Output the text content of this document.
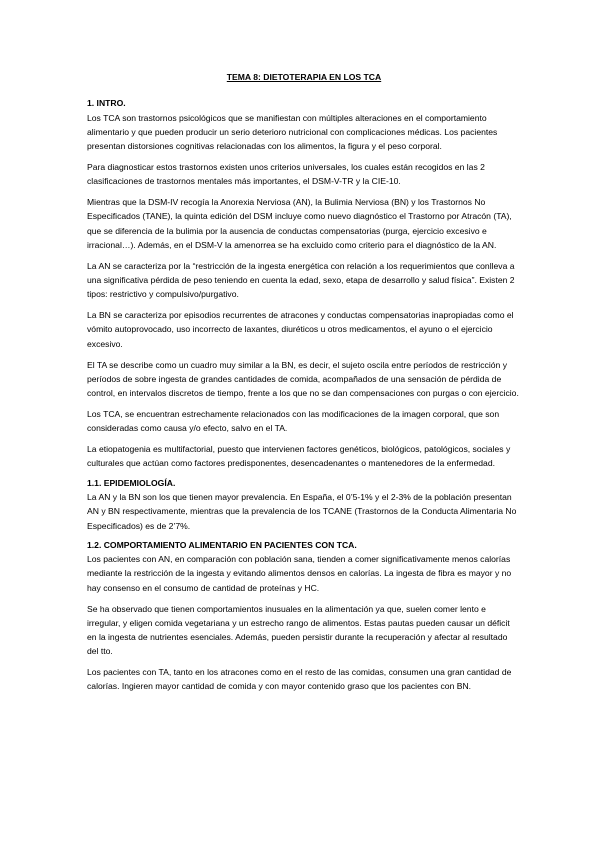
TEMA 8: DIETOTERAPIA EN LOS TCA

1. INTRO.

Los TCA son trastornos psicológicos que se manifiestan con múltiples alteraciones en el comportamiento alimentario y que pueden producir un serio deterioro nutricional con complicaciones médicas. Los pacientes presentan distorsiones cognitivas relacionadas con los alimentos, la figura y el peso corporal.

Para diagnosticar estos trastornos existen unos criterios universales, los cuales están recogidos en las 2 clasificaciones de trastornos mentales más importantes, el DSM-V-TR y la CIE-10.

Mientras que la DSM-IV recogía la Anorexia Nerviosa (AN), la Bulimia Nerviosa (BN) y los Trastornos No Especificados (TANE), la quinta edición del DSM incluye como nuevo diagnóstico el Trastorno por Atracón (TA), que se diferencia de la bulimia por la ausencia de conductas compensatorias (purga, ejercicio excesivo e irracional…). Además, en el DSM-V la amenorrea se ha excluido como criterio para el diagnóstico de la AN.

La AN se caracteriza por la “restricción de la ingesta energética con relación a los requerimientos que conlleva a una significativa pérdida de peso teniendo en cuenta la edad, sexo, etapa de desarrollo y salud física”. Existen 2 tipos: restrictivo y compulsivo/purgativo.

La BN se caracteriza por episodios recurrentes de atracones y conductas compensatorias inapropiadas como el vómito autoprovocado, uso incorrecto de laxantes, diuréticos u otros medicamentos, el ayuno o el ejercicio excesivo.

El TA se describe como un cuadro muy similar a la BN, es decir, el sujeto oscila entre períodos de restricción y períodos de sobre ingesta de grandes cantidades de comida, acompañados de una sensación de pérdida de control, en intervalos discretos de tiempo, frente a los que no se dan compensaciones con purgas o con ejercicio.

Los TCA, se encuentran estrechamente relacionados con las modificaciones de la imagen corporal, que son consideradas como causa y/o efecto, salvo en el TA.

La etiopatogenia es multifactorial, puesto que intervienen factores genéticos, biológicos, patológicos, sociales y culturales que actúan como factores predisponentes, desencadenantes o mantenedores de la enfermedad.

1.1. EPIDEMIOLOGÍA.

La AN y la BN son los que tienen mayor prevalencia. En España, el 0’5-1% y el 2-3% de la población presentan AN y BN respectivamente, mientras que la prevalencia de los TCANE (Trastornos de la Conducta Alimentaria No Especificados) es de 2’7%.

1.2. COMPORTAMIENTO ALIMENTARIO EN PACIENTES CON TCA.

Los pacientes con AN, en comparación con población sana, tienden a comer significativamente menos calorías mediante la restricción de la ingesta y evitando alimentos densos en calorías. La ingesta de fibra es mayor y no hay consenso en el consumo de cantidad de proteínas y HC.

Se ha observado que tienen comportamientos inusuales en la alimentación ya que, suelen comer lento e irregular, y eligen comida vegetariana y un estrecho rango de alimentos. Estas pautas pueden causar un déficit en la ingesta de nutrientes esenciales. Además, pueden persistir durante la recuperación y afectar al resultado del tto.

Los pacientes con TA, tanto en los atracones como en el resto de las comidas, consumen una gran cantidad de calorías. Ingieren mayor cantidad de comida y con mayor contenido graso que los pacientes con BN.
